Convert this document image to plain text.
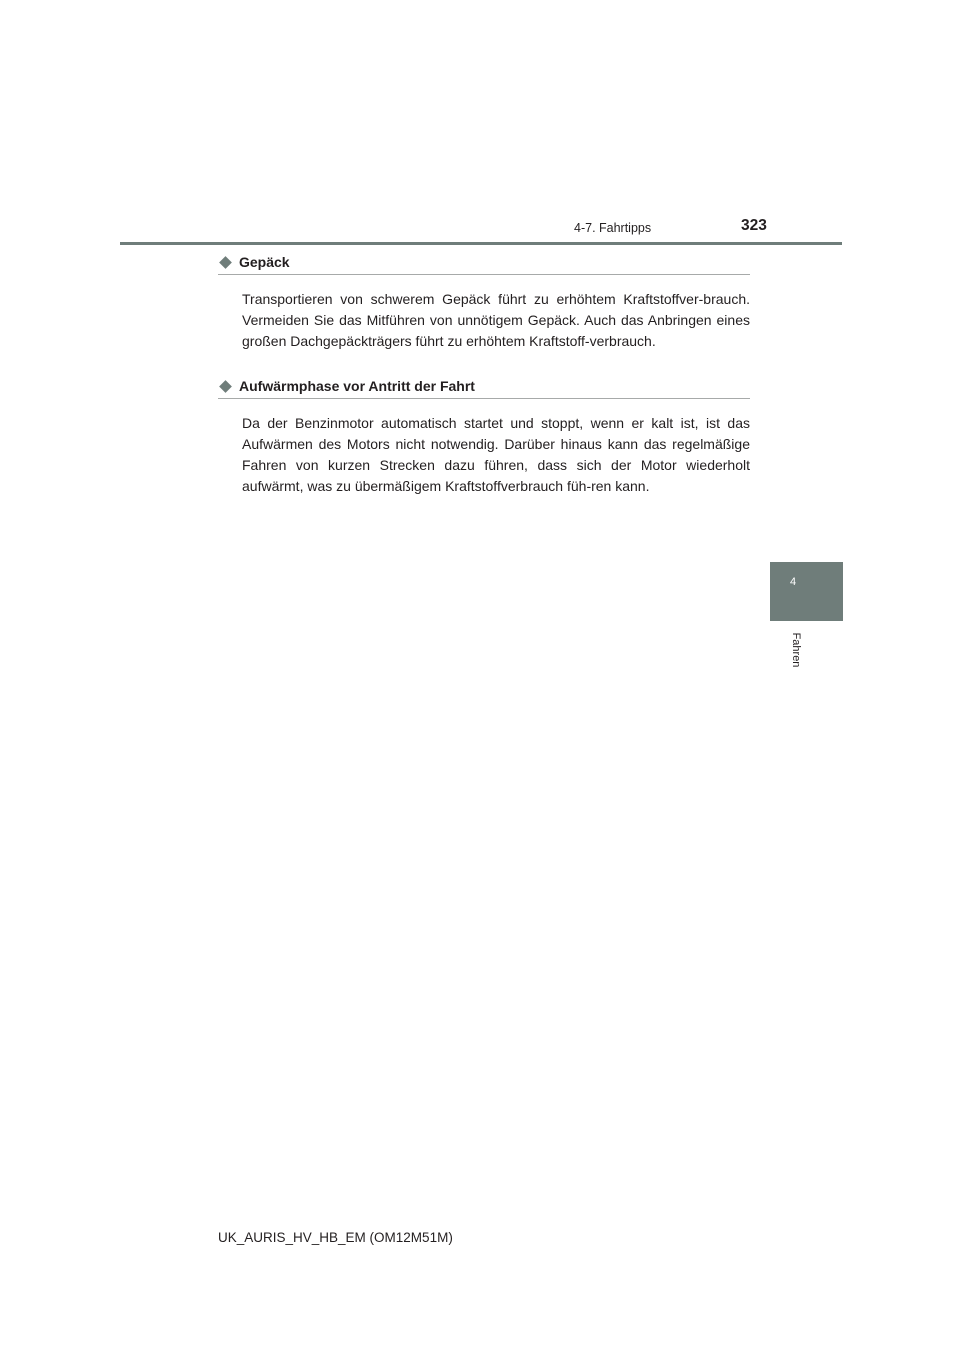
4-7. Fahrtipps	323
4
Fahren
Gepäck
Transportieren von schwerem Gepäck führt zu erhöhtem Kraftstoffver-brauch. Vermeiden Sie das Mitführen von unnötigem Gepäck. Auch das Anbringen eines großen Dachgepäckträgers führt zu erhöhtem Kraftstoff-verbrauch.
Aufwärmphase vor Antritt der Fahrt
Da der Benzinmotor automatisch startet und stoppt, wenn er kalt ist, ist das Aufwärmen des Motors nicht notwendig. Darüber hinaus kann das regelmäßige Fahren von kurzen Strecken dazu führen, dass sich der Motor wiederholt aufwärmt, was zu übermäßigem Kraftstoffverbrauch füh-ren kann.
UK_AURIS_HV_HB_EM (OM12M51M)
